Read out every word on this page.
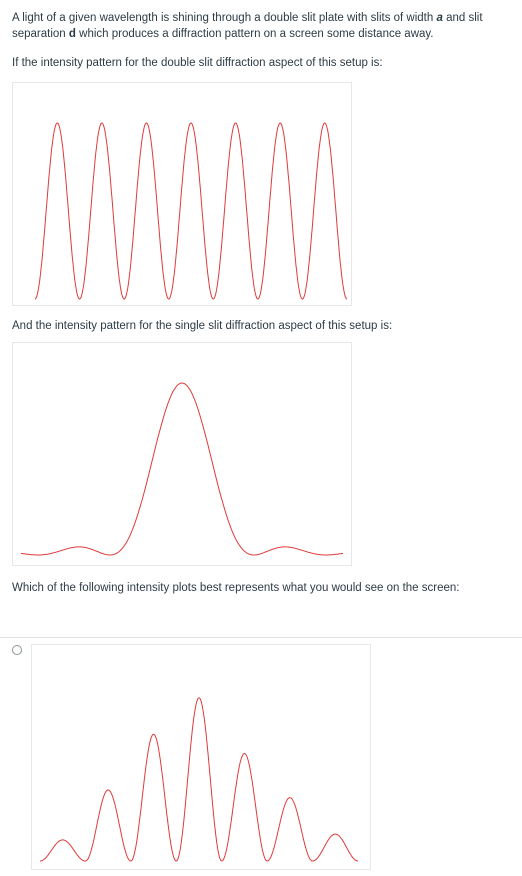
A light of a given wavelength is shining through a double slit plate with slits of width a and slit separation d which produces a diffraction pattern on a screen some distance away.
If the intensity pattern for the double slit diffraction aspect of this setup is:
And the intensity pattern for the single slit diffraction aspect of this setup is:
Which of the following intensity plots best represents what you would see on the screen:
